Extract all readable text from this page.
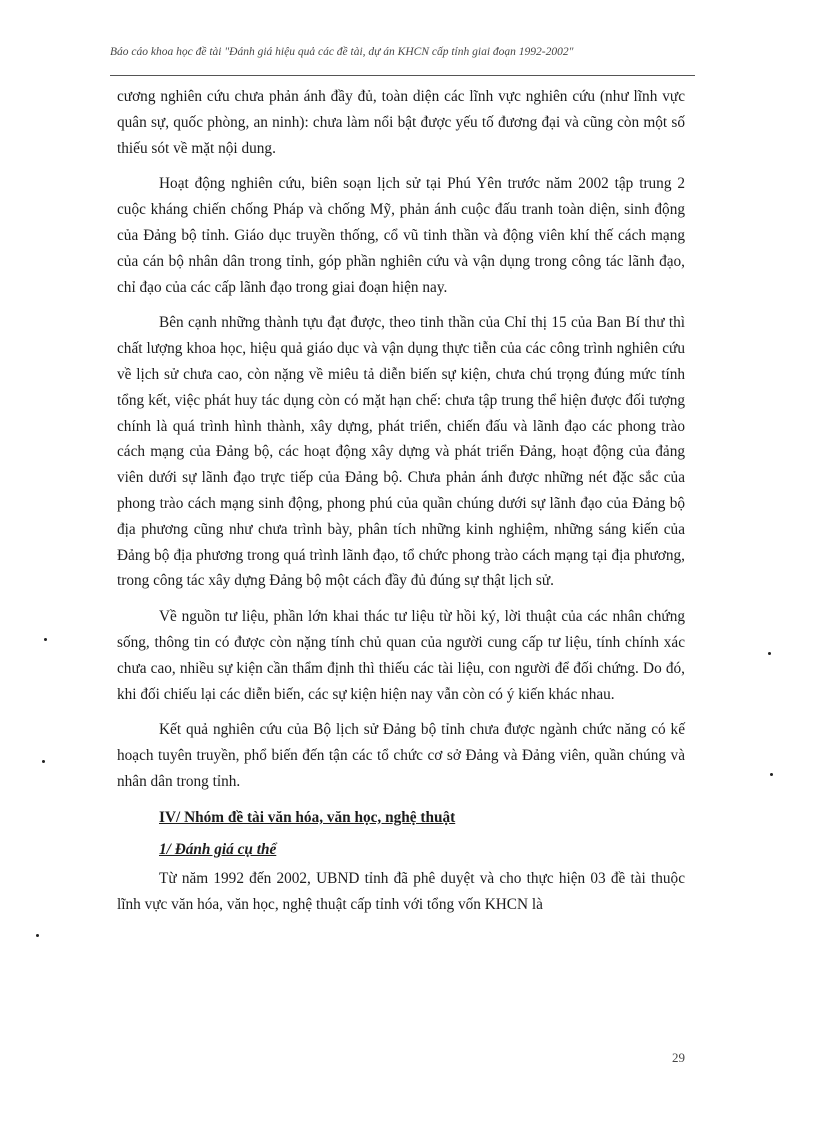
Báo cáo khoa học đề tài "Đánh giá hiệu quả các đề tài, dự án KHCN cấp tỉnh giai đoạn 1992-2002"

cương nghiên cứu chưa phản ánh đầy đủ, toàn diện các lĩnh vực nghiên cứu (như lĩnh vực quân sự, quốc phòng, an ninh): chưa làm nổi bật được yếu tố đương đại và cũng còn một số thiếu sót về mặt nội dung.

Hoạt động nghiên cứu, biên soạn lịch sử tại Phú Yên trước năm 2002 tập trung 2 cuộc kháng chiến chống Pháp và chống Mỹ, phản ánh cuộc đấu tranh toàn diện, sinh động của Đảng bộ tỉnh. Giáo dục truyền thống, cổ vũ tinh thần và động viên khí thế cách mạng của cán bộ nhân dân trong tỉnh, góp phần nghiên cứu và vận dụng trong công tác lãnh đạo, chỉ đạo của các cấp lãnh đạo trong giai đoạn hiện nay.

Bên cạnh những thành tựu đạt được, theo tinh thần của Chỉ thị 15 của Ban Bí thư thì chất lượng khoa học, hiệu quả giáo dục và vận dụng thực tiễn của các công trình nghiên cứu về lịch sử chưa cao, còn nặng về miêu tả diễn biến sự kiện, chưa chú trọng đúng mức tính tổng kết, việc phát huy tác dụng còn có mặt hạn chế: chưa tập trung thể hiện được đối tượng chính là quá trình hình thành, xây dựng, phát triển, chiến đấu và lãnh đạo các phong trào cách mạng của Đảng bộ, các hoạt động xây dựng và phát triển Đảng, hoạt động của đảng viên dưới sự lãnh đạo trực tiếp của Đảng bộ. Chưa phản ánh được những nét đặc sắc của phong trào cách mạng sinh động, phong phú của quần chúng dưới sự lãnh đạo của Đảng bộ địa phương cũng như chưa trình bày, phân tích những kinh nghiệm, những sáng kiến của Đảng bộ địa phương trong quá trình lãnh đạo, tổ chức phong trào cách mạng tại địa phương, trong công tác xây dựng Đảng bộ một cách đầy đủ đúng sự thật lịch sử.

Về nguồn tư liệu, phần lớn khai thác tư liệu từ hồi ký, lời thuật của các nhân chứng sống, thông tin có được còn nặng tính chủ quan của người cung cấp tư liệu, tính chính xác chưa cao, nhiều sự kiện cần thẩm định thì thiếu các tài liệu, con người để đối chứng. Do đó, khi đối chiếu lại các diễn biến, các sự kiện hiện nay vẫn còn có ý kiến khác nhau.

Kết quả nghiên cứu của Bộ lịch sử Đảng bộ tỉnh chưa được ngành chức năng có kế hoạch tuyên truyền, phổ biến đến tận các tổ chức cơ sở Đảng và Đảng viên, quần chúng và nhân dân trong tỉnh.

IV/ Nhóm đề tài văn hóa, văn học, nghệ thuật
1/ Đánh giá cụ thể

Từ năm 1992 đến 2002, UBND tỉnh đã phê duyệt và cho thực hiện 03 đề tài thuộc lĩnh vực văn hóa, văn học, nghệ thuật cấp tỉnh với tổng vốn KHCN là

29
